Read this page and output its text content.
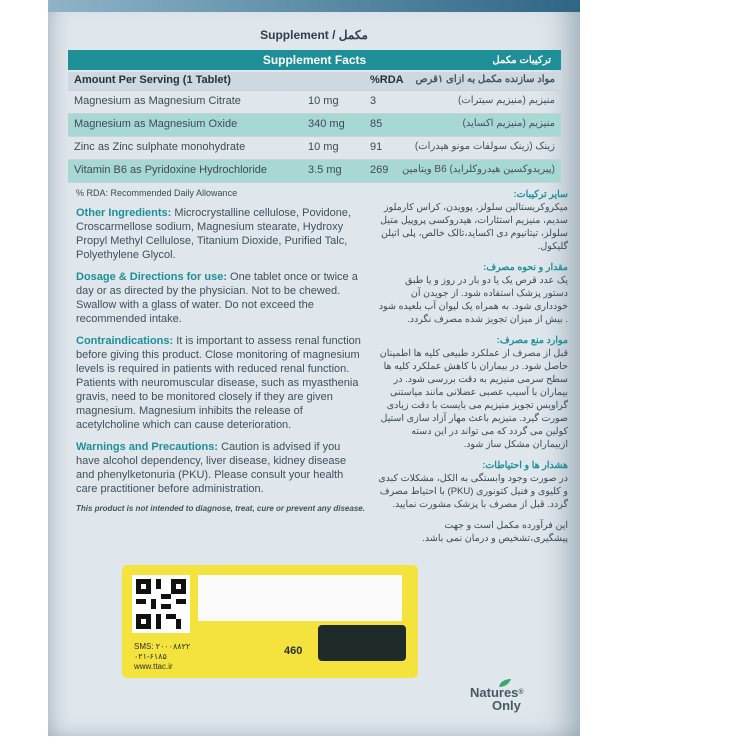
Supplement / مکمل
Supplement Facts	ترکیبات مکمل
Amount Per Serving (1 Tablet)	%RDA مواد سازنده مکمل به ازای ۱قرص
Magnesium as Magnesium Citrate	10 mg	3	منیزیم (منیزیم سیترات)
Magnesium as Magnesium Oxide	340 mg 85	منیزیم (منیزیم اکساید)
Zinc as Zinc sulphate monohydrate	10 mg	91	زینک (زینک سولفات مونو هیدرات)
Vitamin B6 as Pyridoxine Hydrochloride	3.5 mg	269 ویتامین B6 (پیریدوکسین هیدروکلراید)
% RDA: Recommended Daily Allowance

Other Ingredients: Microcrystalline cellulose, Povidone, Croscarmellose sodium, Magnesium stearate, Hydroxy Propyl Methyl Cellulose, Titanium Dioxide, Purified Talc, Polyethylene Glycol.

Dosage & Directions for use: One tablet once or twice a day or as directed by the physician. Not to be chewed. Swallow with a glass of water. Do not exceed the recommended intake.

Contraindications: It is important to assess renal function before giving this product. Close monitoring of magnesium levels is required in patients with reduced renal function. Patients with neuromuscular disease, such as myasthenia gravis, need to be monitored closely if they are given magnesium. Magnesium inhibits the release of acetylcholine which can cause deterioration.

Warnings and Precautions: Caution is advised if you have alcohol dependency, liver disease, kidney disease and phenylketonuria (PKU). Please consult your health care practitioner before administration.

This product is not intended to diagnose, treat, cure or prevent any disease.

سایر ترکیبات:
میکروکریستالین سلولز، پوویدن، کراس کارملوز سدیم، منیزیم استئارات، هیدروکسی پروپیل متیل سلولز، تیتانیوم دی اکساید،تالک خالص، پلی اتیلن گلیکول.

مقدار و نحوه مصرف:
یک عدد قرص یک یا دو بار در روز و یا طبق دستور پزشک استفاده شود. از جویدن آن خودداری شود. به همراه یک لیوان آب بلعیده شود . بیش از میزان تجویز شده مصرف نگردد.

موارد منع مصرف:
قبل از مصرف از عملکرد طبیعی کلیه ها اطمینان حاصل شود. در بیماران با کاهش عملکرد کلیه ها سطح سرمی منیزیم به دقت بررسی شود. در بیماران با آسیب عصبی عضلانی مانند میاستنی گراویس تجویز منیزیم می بایست با دقت زیادی صورت گیرد. منیزیم باعث مهار آزاد سازی استیل کولین می گردد که می تواند در این دسته ازبیماران مشکل ساز شود.

هشدار ها و احتیاطات:
در صورت وجود وابستگی به الکل، مشکلات کبدی و کلیوی و فنیل کتونوری (PKU) با احتیاط مصرف گردد. قبل از مصرف با پزشک مشورت نمایید.

این فرآورده مکمل است و جهت پیشگیری،تشخیص و درمان نمی باشد.

Natures®
Only
SMS: ۲۰۰۰۸۸۲۲
۰۲۱-۶۱۸۵
www.ttac.ir
460
